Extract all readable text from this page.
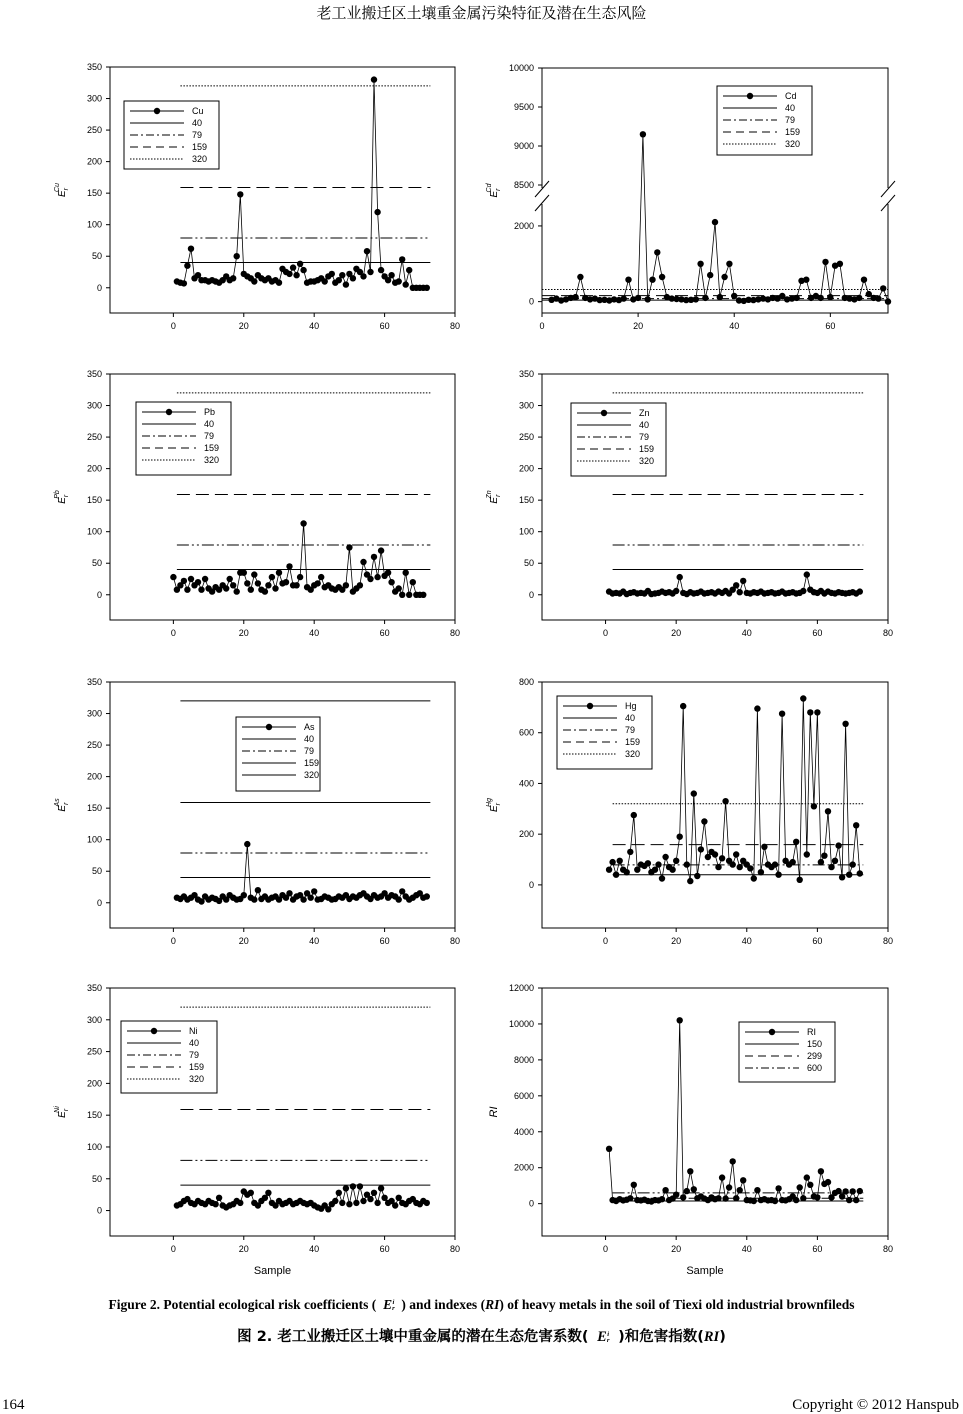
老工业搬迁区土壤重金属污染特征及潜在生态风险
0
50
100
150
200
250
300
350
0	20	40	60	80
$E_rCu$
Cu
40
79
159
320
0
2000
8500
9000
9500
10000
0	20	40	60
$E_rCd$
Cd
40
79
159
320
0
50
100
150
200
250
300
350
0	20	40	60	80
$E_rPb$
Pb
40
79
159
320
0
50
100
150
200
250
300
350
0	20	40	60	80
$E_rZn$
Zn
40
79
159
320
0
50
100
150
200
250
300
350
0	20	40	60	80
$E_rAs$
As
40
79
159
320
0
200
400
600
800
0	20	40	60	80
$E_rHg$
Hg
40
79
159
320
0
50
100
150
200
250
300
350
0	20	40	60	80
$E_rNi$
Sample
Ni
40
79
159
320
0
2000
4000
6000
8000
10000
12000
0	20	40	60	80
RI
Sample
RI
150
299
600
Figure 2. Potential ecological risk coefficients ( E i
r ) and indexes (RI) of heavy metals in the soil of Tiexi old industrial brownfileds
图 2. 老工业搬迁区土壤中重金属的潜在生态危害系数( E i
r )和危害指数(RI)
164	Copyright © 2012 Hanspub
